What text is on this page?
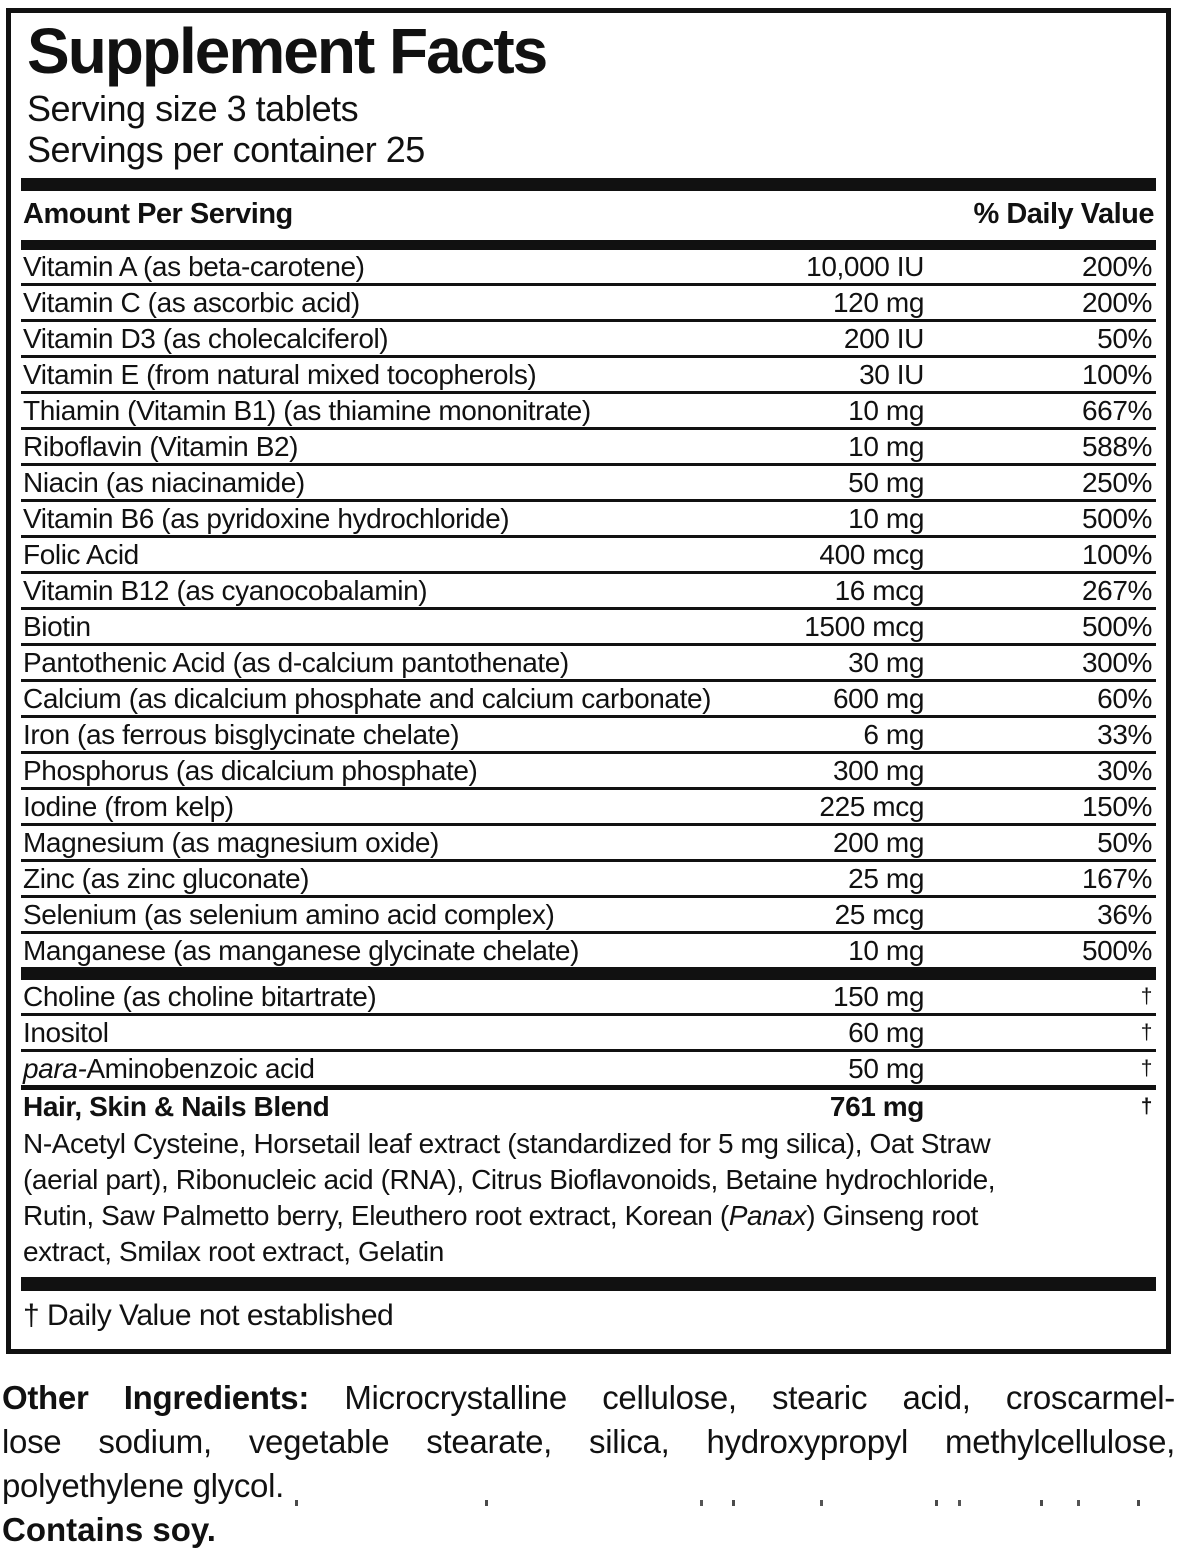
Supplement Facts
Serving size 3 tablets
Servings per container 25
Amount Per Serving	% Daily Value
Vitamin A (as beta-carotene)	10,000 IU	200%
Vitamin C (as ascorbic acid)	120 mg	200%
Vitamin D3 (as cholecalciferol)	200 IU	50%
Vitamin E (from natural mixed tocopherols)	30 IU	100%
Thiamin (Vitamin B1) (as thiamine mononitrate)	10 mg	667%
Riboflavin (Vitamin B2)	10 mg	588%
Niacin (as niacinamide)	50 mg	250%
Vitamin B6 (as pyridoxine hydrochloride)	10 mg	500%
Folic Acid	400 mcg	100%
Vitamin B12 (as cyanocobalamin)	16 mcg	267%
Biotin	1500 mcg	500%
Pantothenic Acid (as d-calcium pantothenate)	30 mg	300%
Calcium (as dicalcium phosphate and calcium carbonate)	600 mg	60%
Iron (as ferrous bisglycinate chelate)	6 mg	33%
Phosphorus (as dicalcium phosphate)	300 mg	30%
Iodine (from kelp)	225 mcg	150%
Magnesium (as magnesium oxide)	200 mg	50%
Zinc (as zinc gluconate)	25 mg	167%
Selenium (as selenium amino acid complex)	25 mcg	36%
Manganese (as manganese glycinate chelate)	10 mg	500%
Choline (as choline bitartrate)	150 mg	†
Inositol	60 mg	†
para-Aminobenzoic acid	50 mg	†
Hair, Skin & Nails Blend	761 mg	†
N-Acetyl Cysteine, Horsetail leaf extract (standardized for 5 mg silica), Oat Straw
(aerial part), Ribonucleic acid (RNA), Citrus Bioflavonoids, Betaine hydrochloride,
Rutin, Saw Palmetto berry, Eleuthero root extract, Korean (Panax) Ginseng root
extract, Smilax root extract, Gelatin
† Daily Value not established
Other Ingredients: Microcrystalline cellulose, stearic acid, croscarmel-
lose sodium, vegetable stearate, silica, hydroxypropyl methylcellulose,
polyethylene glycol.
Contains soy.
